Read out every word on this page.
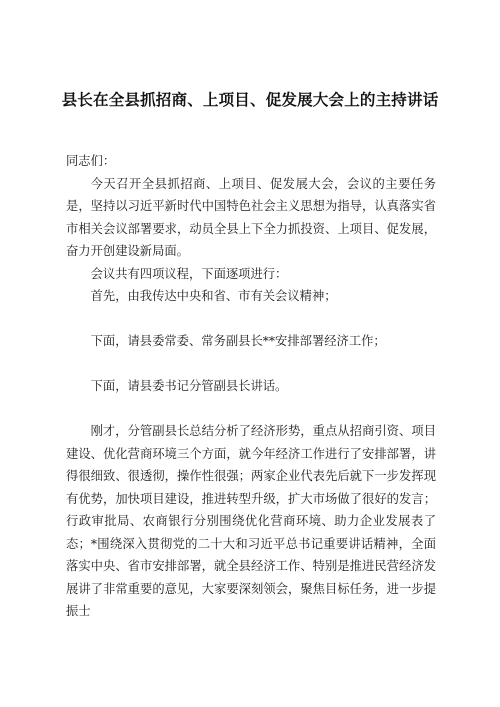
县长在全县抓招商、上项目、促发展大会上的主持讲话

同志们：

今天召开全县抓招商、上项目、促发展大会，会议的主要任务是，坚持以习近平新时代中国特色社会主义思想为指导，认真落实省市相关会议部署要求，动员全县上下全力抓投资、上项目、促发展，奋力开创建设新局面。

会议共有四项议程，下面逐项进行：

首先，由我传达中央和省、市有关会议精神；

下面，请县委常委、常务副县长**安排部署经济工作；

下面，请县委书记分管副县长讲话。

刚才，分管副县长总结分析了经济形势，重点从招商引资、项目建设、优化营商环境三个方面，就今年经济工作进行了安排部署，讲得很细致、很透彻，操作性很强；两家企业代表先后就下一步发挥现有优势，加快项目建设，推进转型升级，扩大市场做了很好的发言；行政审批局、农商银行分别围绕优化营商环境、助力企业发展表了态；*围绕深入贯彻党的二十大和习近平总书记重要讲话精神，全面落实中央、省市安排部署，就全县经济工作、特别是推进民营经济发展讲了非常重要的意见，大家要深刻领会，聚焦目标任务，进一步提振士
